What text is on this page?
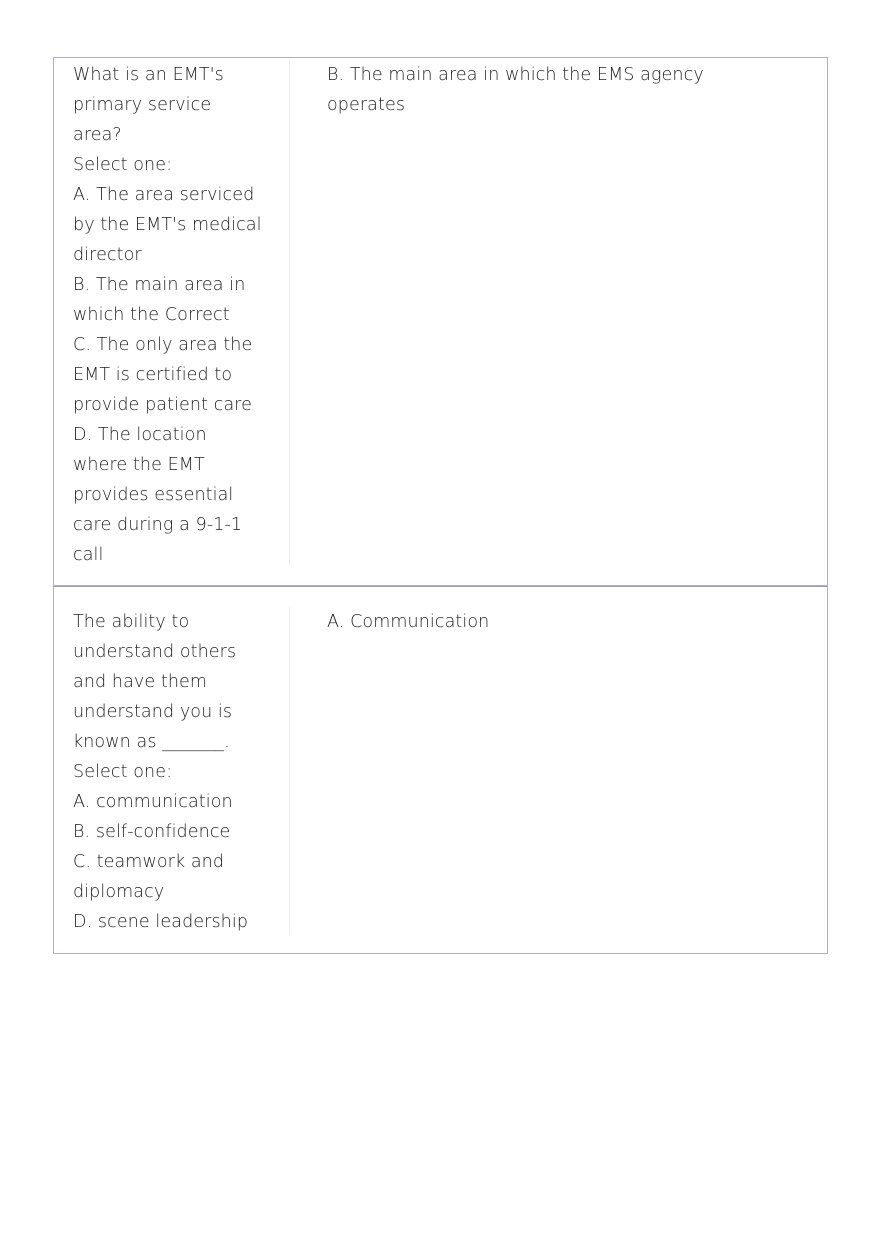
What is an EMT's
primary service
area?
Select one:
A. The area serviced
by the EMT's medical
director
B. The main area in
which the Correct
C. The only area the
EMT is certified to
provide patient care
D. The location
where the EMT
provides essential
care during a 9-1-1
call
B. The main area in which the EMS agency
operates
The ability to
understand others
and have them
understand you is
known as _______.
Select one:
A. communication
B. self-confidence
C. teamwork and
diplomacy
D. scene leadership
A. Communication
